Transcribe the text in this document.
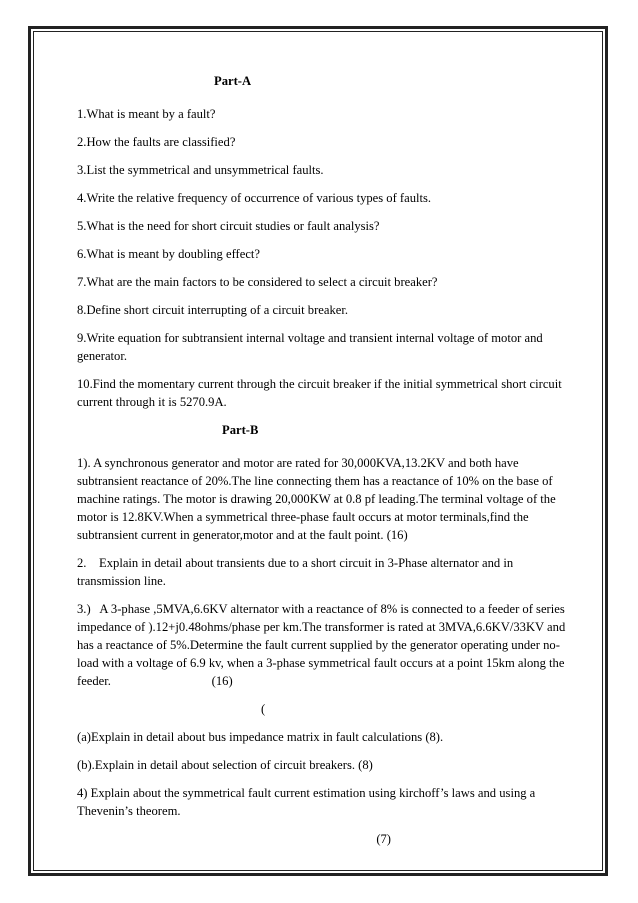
Part-A
1.What is meant by a fault?
2.How the faults are classified?
3.List the symmetrical and unsymmetrical faults.
4.Write the relative frequency of occurrence of various types of faults.
5.What is the need for short circuit studies or fault analysis?
6.What is meant by doubling effect?
7.What are the main factors to be considered to select a circuit breaker?
8.Define short circuit interrupting of a circuit breaker.
9.Write equation for subtransient internal voltage and transient internal voltage of motor and generator.
10.Find the momentary current through the circuit breaker if the initial symmetrical short circuit current through it is 5270.9A.
Part-B
1). A synchronous generator and motor are rated for 30,000KVA,13.2KV and both have subtransient reactance of 20%.The line connecting them has a reactance of 10% on the base of machine ratings. The motor is drawing 20,000KW at 0.8 pf leading.The terminal voltage of the motor is 12.8KV.When a symmetrical three-phase fault occurs at motor terminals,find the subtransient current in generator,motor and at the fault point. (16)
2.    Explain in detail about transients due to a short circuit in 3-Phase alternator and in transmission line.
3.)   A 3-phase ,5MVA,6.6KV alternator with a reactance of 8% is connected to a feeder of series impedance of ).12+j0.48ohms/phase per km.The transformer is rated at 3MVA,6.6KV/33KV and has a reactance of 5%.Determine the fault current supplied by the generator operating under no-load with a voltage of 6.9 kv, when a 3-phase symmetrical fault occurs at a point 15km along the feeder.                                (16)
(
(a)Explain in detail about bus impedance matrix in fault calculations (8).
(b).Explain in detail about selection of circuit breakers. (8)
4) Explain about the symmetrical fault current estimation using kirchoff’s laws and using a Thevenin’s theorem.
(7)
